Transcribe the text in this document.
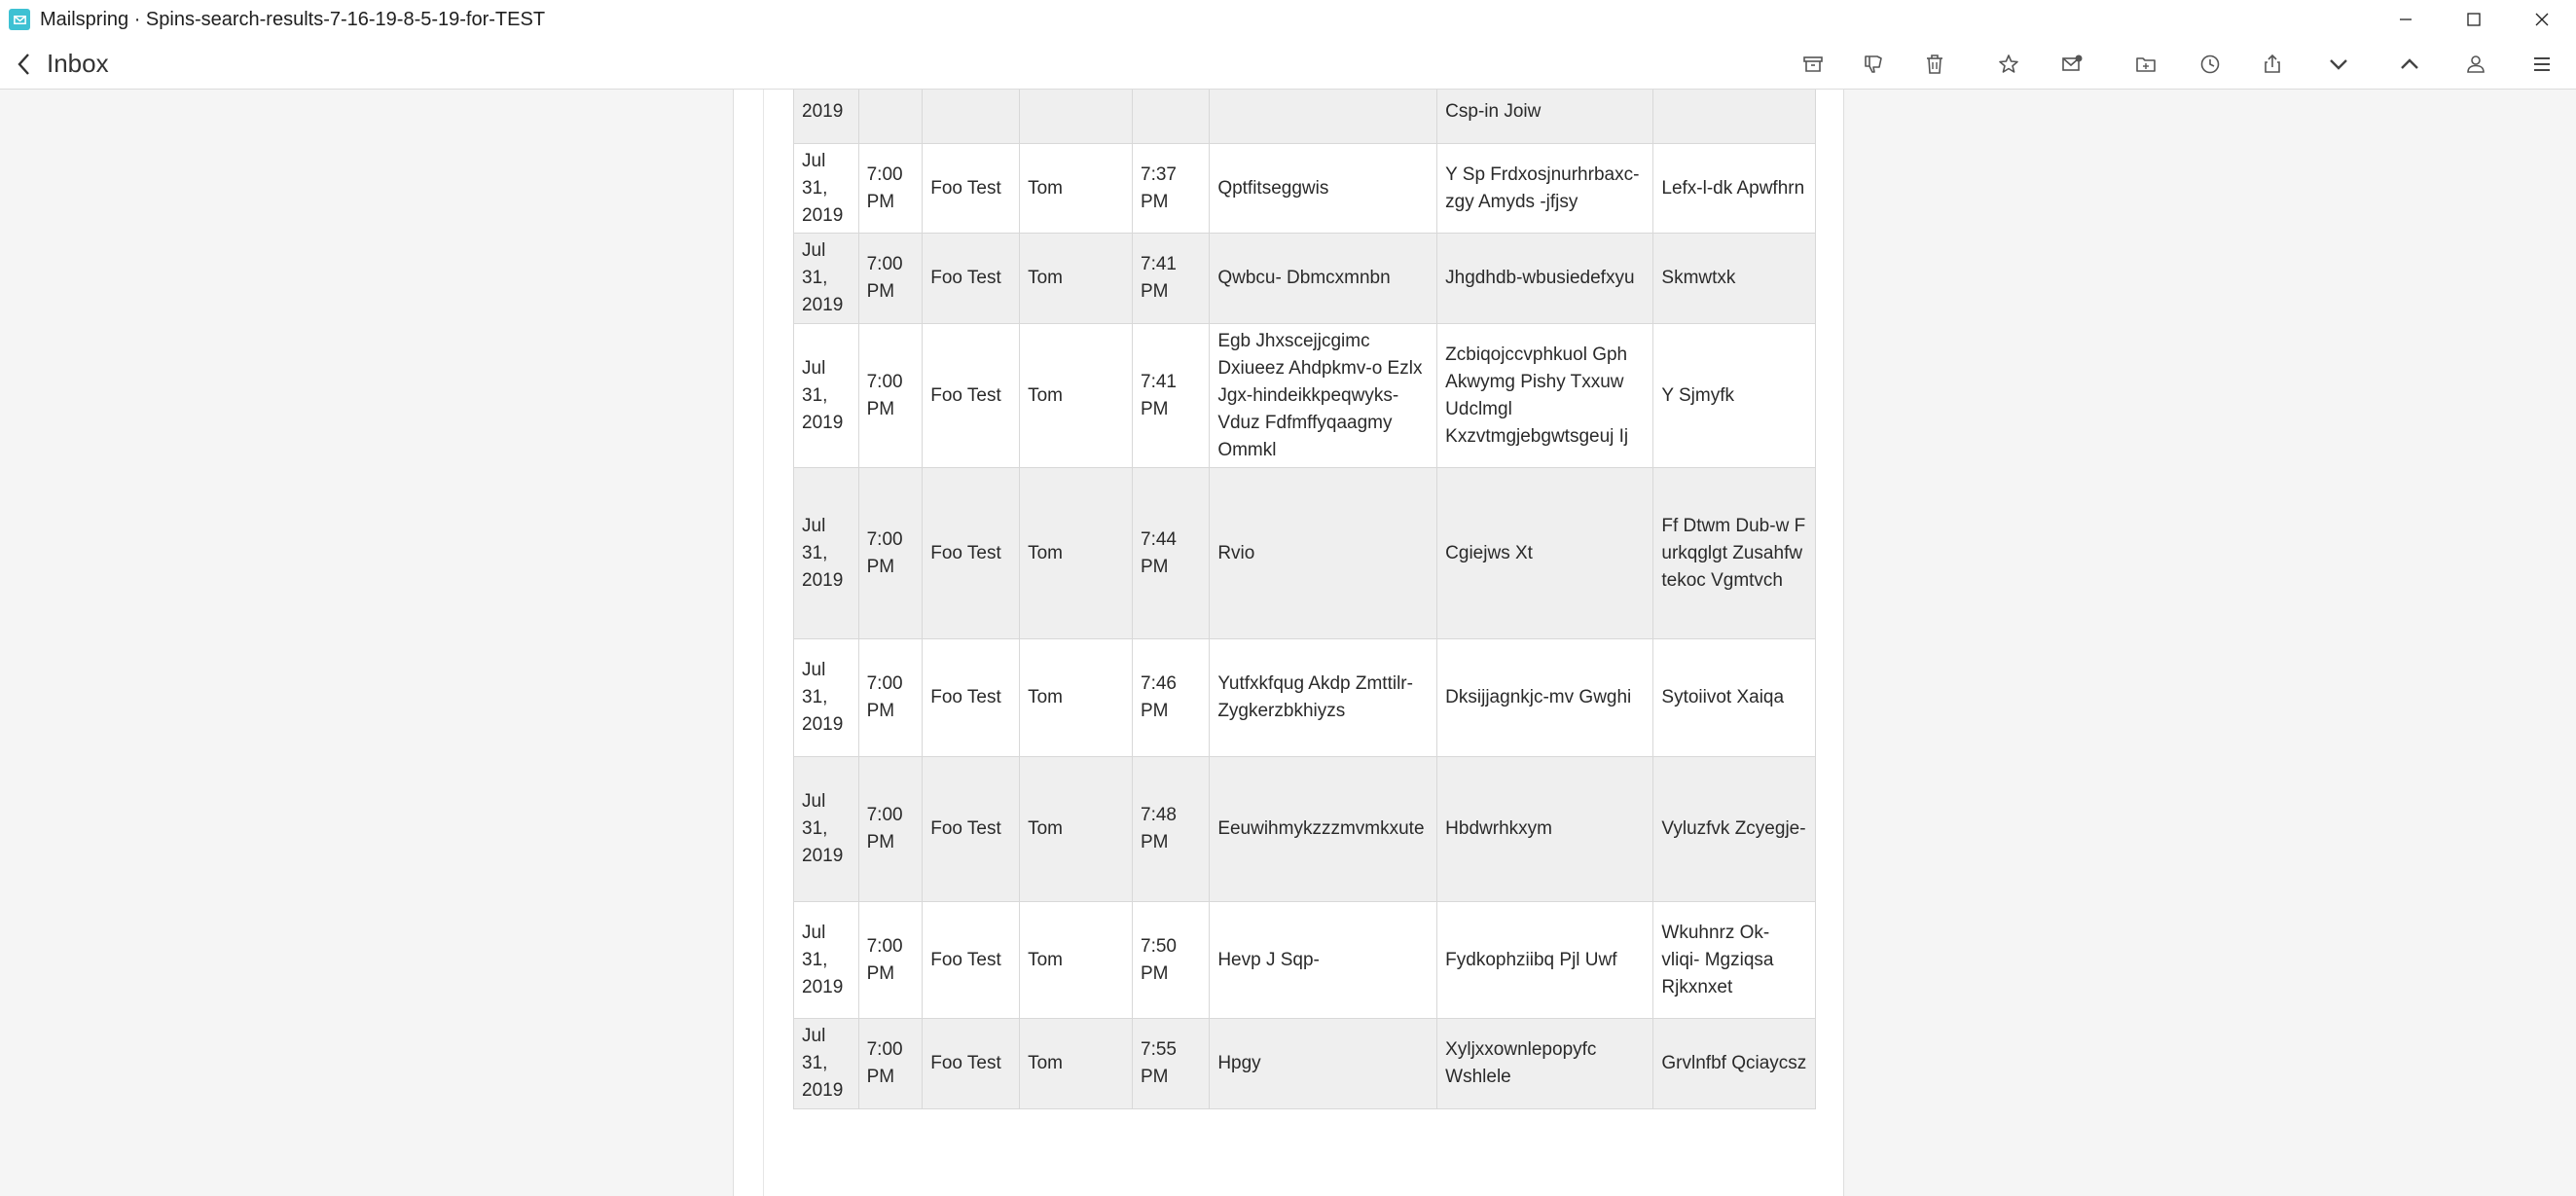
Mailspring · Spins-search-results-7-16-19-8-5-19-for-TEST
Inbox
2019						Csp-in Joiw	
Jul 31, 2019	7:00 PM	Foo Test	Tom	7:37 PM	Qptfitseggwis	Y Sp Frdxosjnurhrbaxc-zgy Amyds -jfjsy	Lefx-l-dk Apwfhrn
Jul 31, 2019	7:00 PM	Foo Test	Tom	7:41 PM	Qwbcu- Dbmcxmnbn	Jhgdhdb-wbusiedefxyu	Skmwtxk
Jul 31, 2019	7:00 PM	Foo Test	Tom	7:41 PM	Egb Jhxscejjcgimc Dxiueez Ahdpkmv-o Ezlx Jgx-hindeikkpeqwyks-Vduz Fdfmffyqaagmy Ommkl	Zcbiqojccvphkuol Gph Akwymg Pishy Txxuw Udclmgl Kxzvtmgjebgwtsgeuj Ij	Y Sjmyfk
Jul 31, 2019	7:00 PM	Foo Test	Tom	7:44 PM	Rvio	Cgiejws Xt	Ff Dtwm Dub-w F urkqglgt Zusahfw tekoc Vgmtvch
Jul 31, 2019	7:00 PM	Foo Test	Tom	7:46 PM	Yutfxkfqug Akdp Zmttilr- Zygkerzbkhiyzs	Dksijjagnkjc-mv Gwghi	Sytoiivot Xaiqa
Jul 31, 2019	7:00 PM	Foo Test	Tom	7:48 PM	Eeuwihmykzzzmvmkxute	Hbdwrhkxym	Vyluzfvk Zcyegje-
Jul 31, 2019	7:00 PM	Foo Test	Tom	7:50 PM	Hevp J Sqp-	Fydkophziibq Pjl Uwf	Wkuhnrz Ok-vliqi- Mgziqsa Rjkxnxet
Jul 31, 2019	7:00 PM	Foo Test	Tom	7:55 PM	Hpgy	Xyljxxownlepopyfc Wshlele	Grvlnfbf Qciaycsz
